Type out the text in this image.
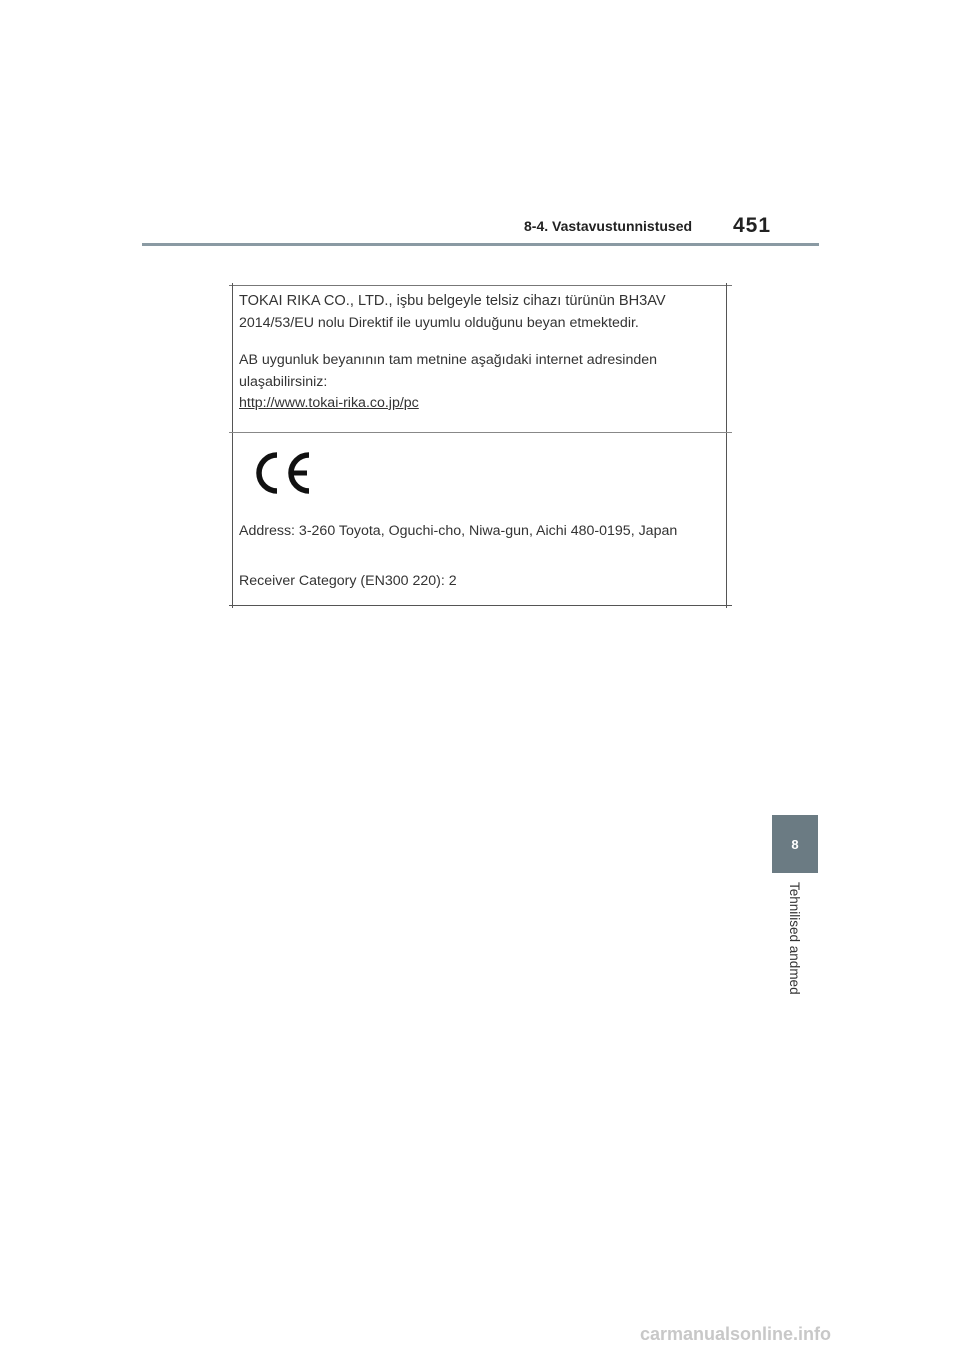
8-4. Vastavustunnistused 451
TOKAI RIKA CO., LTD., işbu belgeyle telsiz cihazı türünün BH3AV
2014/53/EU nolu Direktif ile uyumlu olduğunu beyan etmektedir.
AB uygunluk beyanının tam metnine aşağıdaki internet adresinden
ulaşabilirsiniz:
http://www.tokai-rika.co.jp/pc
Address: 3-260 Toyota, Oguchi-cho, Niwa-gun, Aichi 480-0195, Japan
Receiver Category (EN300 220): 2
8
Tehnilised andmed
carmanualsonline.info
